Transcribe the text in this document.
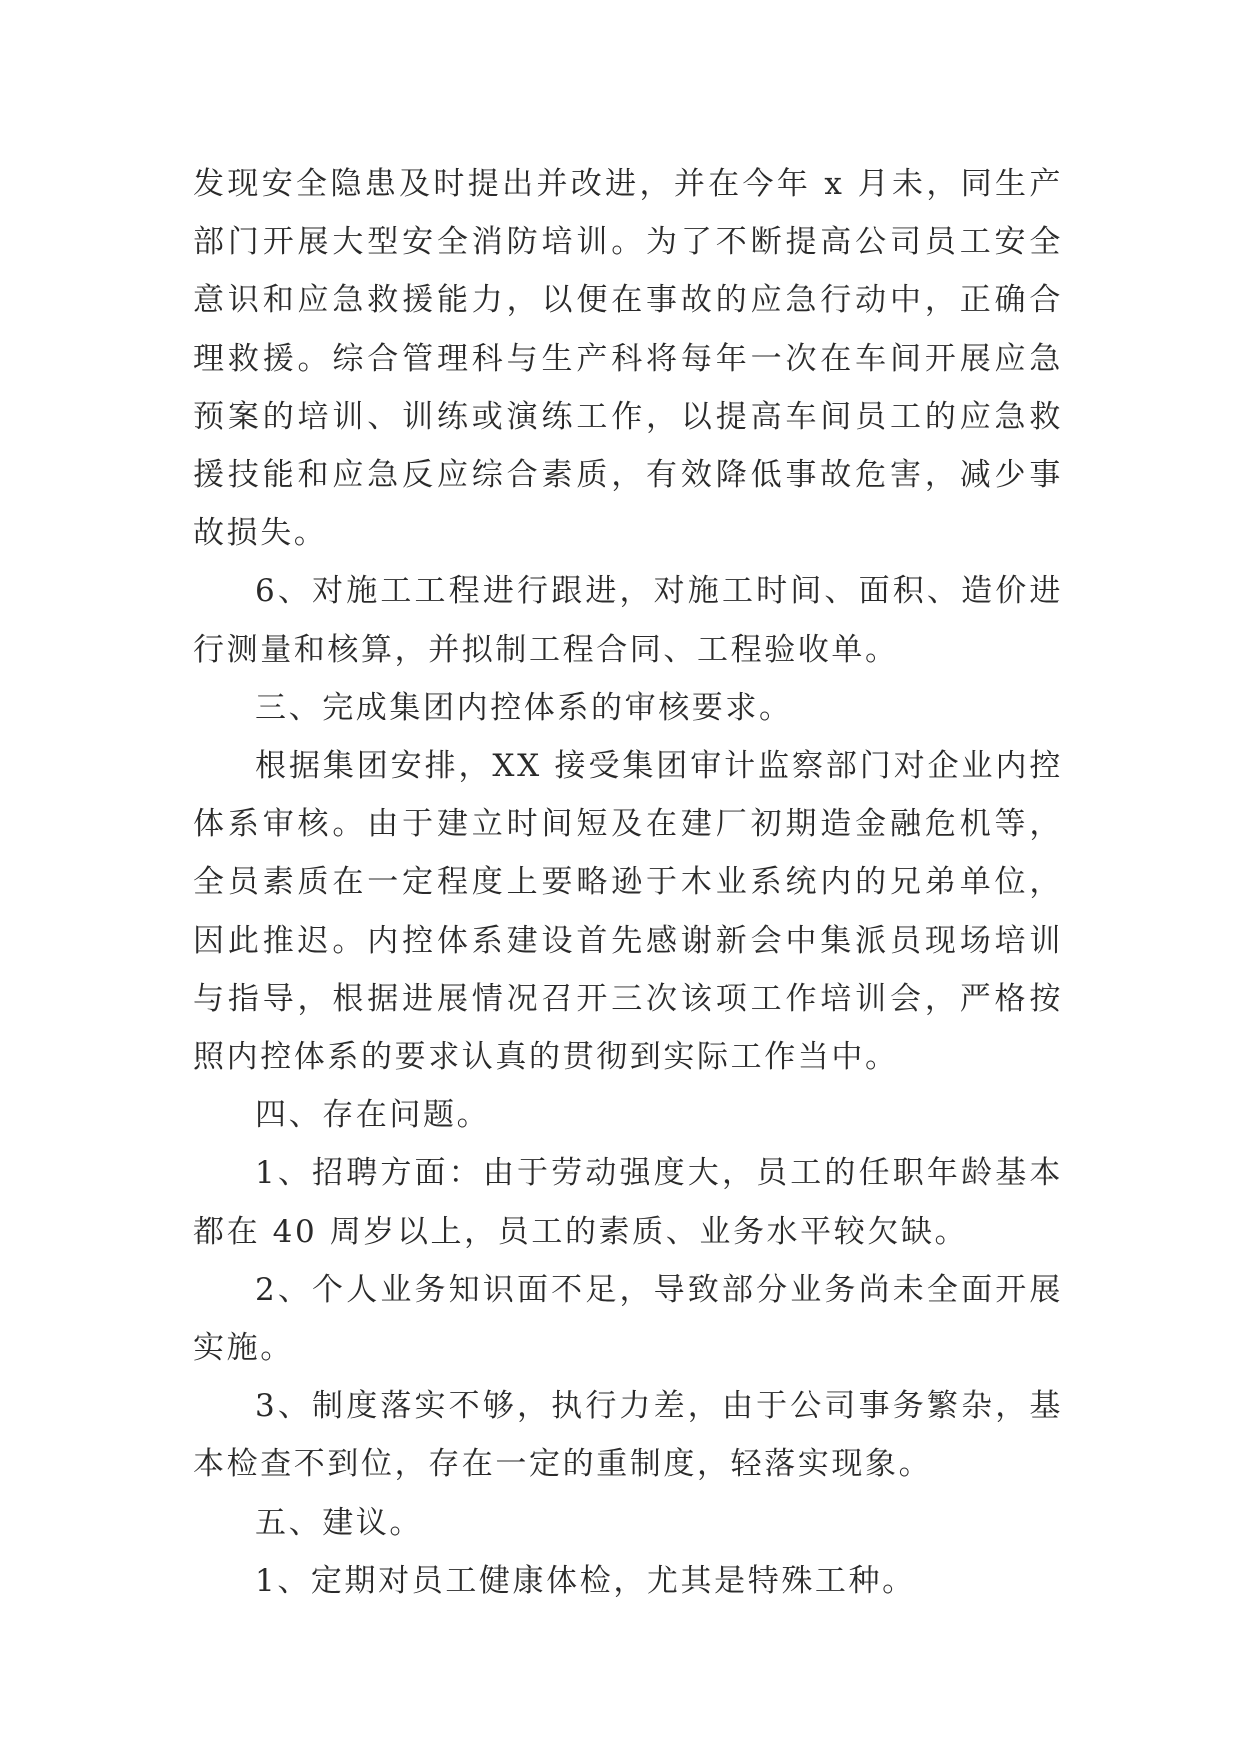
发现安全隐患及时提出并改进，并在今年 x 月未，同生产部门开展大型安全消防培训。为了不断提高公司员工安全意识和应急救援能力，以便在事故的应急行动中，正确合理救援。综合管理科与生产科将每年一次在车间开展应急预案的培训、训练或演练工作，以提高车间员工的应急救援技能和应急反应综合素质，有效降低事故危害，减少事故损失。

6、对施工工程进行跟进，对施工时间、面积、造价进行测量和核算，并拟制工程合同、工程验收单。

三、完成集团内控体系的审核要求。

根据集团安排，XX 接受集团审计监察部门对企业内控体系审核。由于建立时间短及在建厂初期造金融危机等，全员素质在一定程度上要略逊于木业系统内的兄弟单位，因此推迟。内控体系建设首先感谢新会中集派员现场培训与指导，根据进展情况召开三次该项工作培训会，严格按照内控体系的要求认真的贯彻到实际工作当中。

四、存在问题。

1、招聘方面：由于劳动强度大，员工的任职年龄基本都在 40 周岁以上，员工的素质、业务水平较欠缺。

2、个人业务知识面不足，导致部分业务尚未全面开展实施。

3、制度落实不够，执行力差，由于公司事务繁杂，基本检查不到位，存在一定的重制度，轻落实现象。

五、建议。

1、定期对员工健康体检，尤其是特殊工种。
